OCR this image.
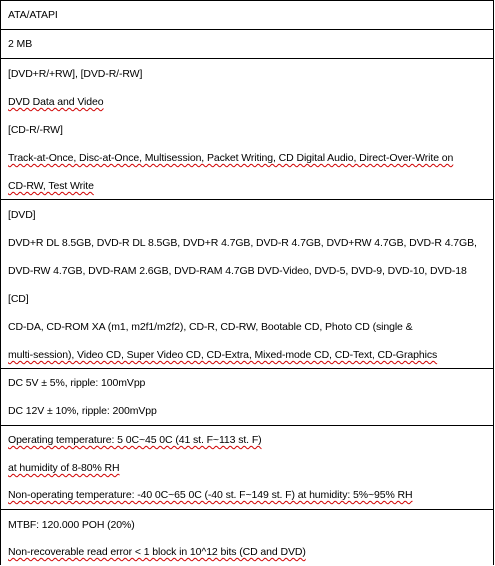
ATA/ATAPI
2 MB
[DVD+R/+RW], [DVD-R/-RW]
DVD Data and Video
[CD-R/-RW]
Track-at-Once, Disc-at-Once, Multisession, Packet Writing, CD Digital Audio, Direct-Over-Write on
CD-RW, Test Write
[DVD]
DVD+R DL 8.5GB, DVD-R DL 8.5GB, DVD+R 4.7GB, DVD-R 4.7GB, DVD+RW 4.7GB, DVD-R 4.7GB,
DVD-RW 4.7GB, DVD-RAM 2.6GB, DVD-RAM 4.7GB DVD-Video, DVD-5, DVD-9, DVD-10, DVD-18
[CD]
CD-DA, CD-ROM XA (m1, m2f1/m2f2), CD-R, CD-RW, Bootable CD, Photo CD (single &
multi-session), Video CD, Super Video CD, CD-Extra, Mixed-mode CD, CD-Text, CD-Graphics
DC 5V ± 5%, ripple: 100mVpp
DC 12V ± 10%, ripple: 200mVpp
Operating temperature: 5 0C~45 0C (41 st. F~113 st. F)
at humidity of 8-80% RH
Non-operating temperature: -40 0C~65 0C (-40 st. F~149 st. F) at humidity: 5%~95% RH
MTBF: 120.000 POH (20%)
Non-recoverable read error < 1 block in 10^12 bits (CD and DVD)
